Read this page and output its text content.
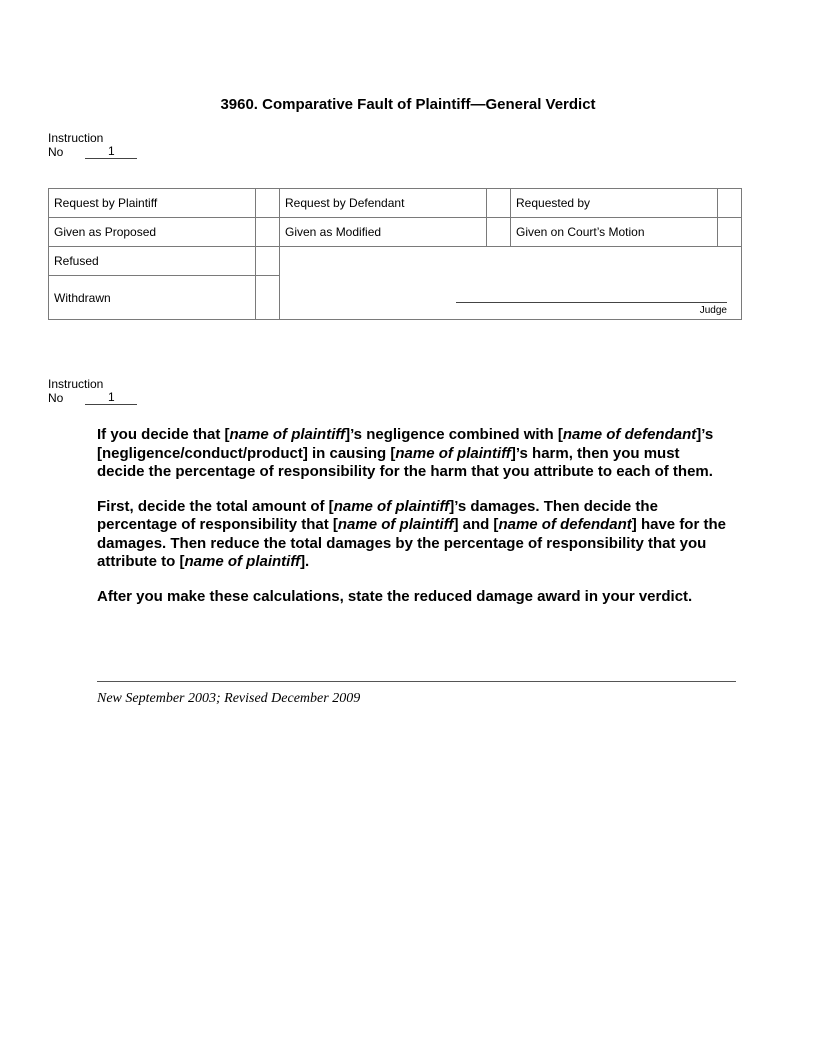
3960. Comparative Fault of Plaintiff—General Verdict
Instruction
No	1
Request by Plaintiff		Request by Defendant		Requested by	
Given as Proposed		Given as Modified		Given on Court’s Motion	
Refused		Judge			

Withdrawn					
Instruction
No	1

If you decide that [name of plaintiff]’s negligence combined with [name of defendant]’s [negligence/conduct/product] in causing [name of plaintiff]’s harm, then you must decide the percentage of responsibility for the harm that you attribute to each of them.

First, decide the total amount of [name of plaintiff]’s damages. Then decide the percentage of responsibility that [name of plaintiff] and [name of defendant] have for the damages. Then reduce the total damages by the percentage of responsibility that you attribute to [name of plaintiff].

After you make these calculations, state the reduced damage award in your verdict.

New September 2003; Revised December 2009
